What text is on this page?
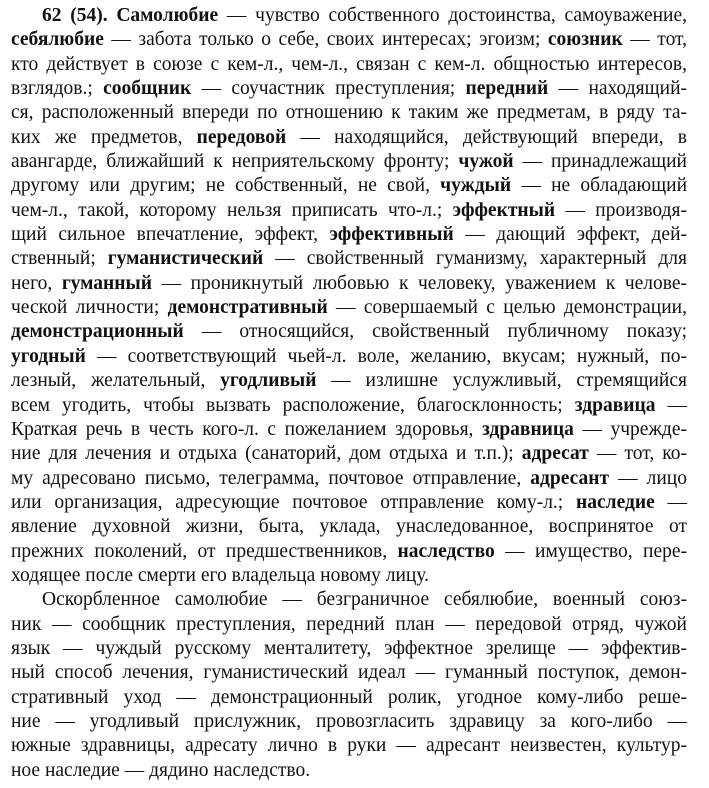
62 (54). Самолюбие — чувство собственного достоинства, самоуважение,
себялюбие — забота только о себе, своих интересах; эгоизм; союзник — тот,
кто действует в союзе с кем-л., чем-л., связан с кем-л. общностью интересов,
взглядов.; сообщник — соучастник преступления; передний — находящий-
ся, расположенный впереди по отношению к таким же предметам, в ряду та-
ких же предметов, передовой — находящийся, действующий впереди, в
авангарде, ближайший к неприятельскому фронту; чужой — принадлежащий
другому или другим; не собственный, не свой, чуждый — не обладающий
чем-л., такой, которому нельзя приписать что-л.; эффектный — производя-
щий сильное впечатление, эффект, эффективный — дающий эффект, дей-
ственный; гуманистический — свойственный гуманизму, характерный для
него, гуманный — проникнутый любовью к человеку, уважением к челове-
ческой личности; демонстративный — совершаемый с целью демонстрации,
демонстрационный — относящийся, свойственный публичному показу;
угодный — соответствующий чьей-л. воле, желанию, вкусам; нужный, по-
лезный, желательный, угодливый — излишне услужливый, стремящийся
всем угодить, чтобы вызвать расположение, благосклонность; здравица —
Краткая речь в честь кого-л. с пожеланием здоровья, здравница — учрежде-
ние для лечения и отдыха (санаторий, дом отдыха и т.п.); адресат — тот, ко-
му адресовано письмо, телеграмма, почтовое отправление, адресант — лицо
или организация, адресующие почтовое отправление кому-л.; наследие —
явление духовной жизни, быта, уклада, унаследованное, воспринятое от
прежних поколений, от предшественников, наследство — имущество, пере-
ходящее после смерти его владельца новому лицу.
Оскорбленное самолюбие — безграничное себялюбие, военный союз-
ник — сообщник преступления, передний план — передовой отряд, чужой
язык — чуждый русскому менталитету, эффектное зрелище — эффектив-
ный способ лечения, гуманистический идеал — гуманный поступок, демон-
стративный уход — демонстрационный ролик, угодное кому-либо реше-
ние — угодливый прислужник, провозгласить здравицу за кого-либо —
южные здравницы, адресату лично в руки — адресант неизвестен, культур-
ное наследие — дядино наследство.
